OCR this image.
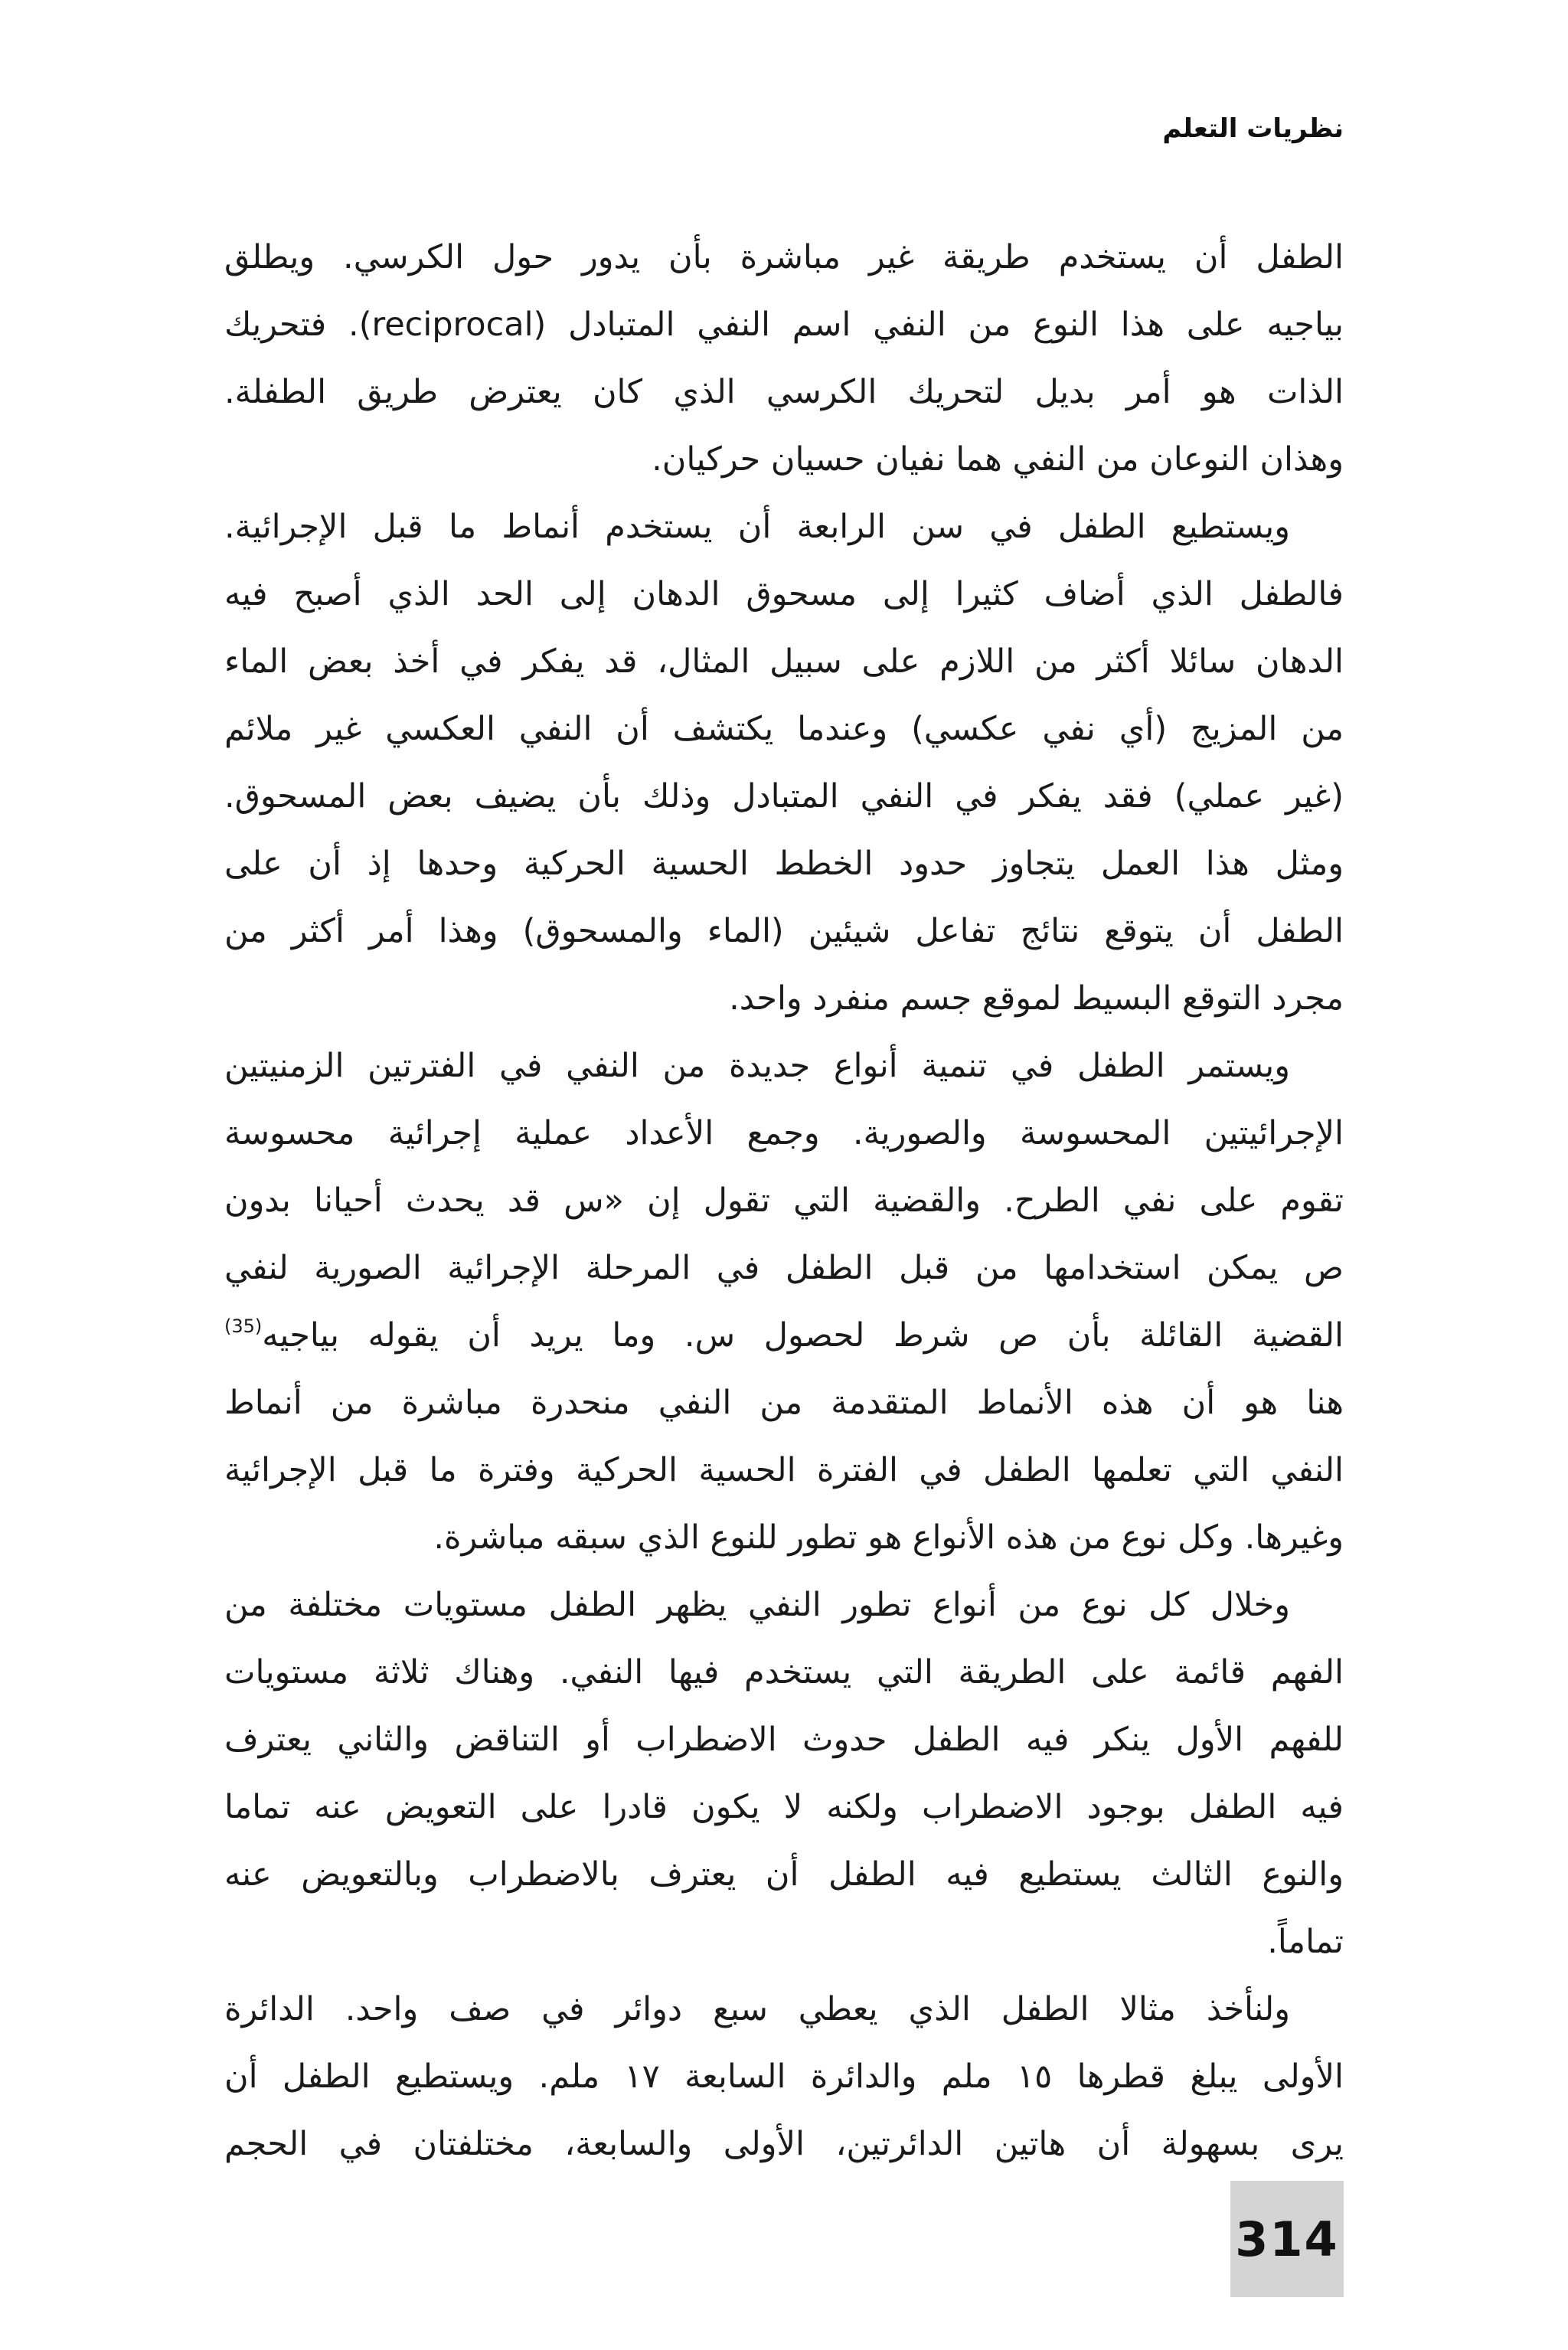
نظريات التعلم
الطفل أن يستخدم طريقة غير مباشرة بأن يدور حول الكرسي. ويطلق
بياجيه على هذا النوع من النفي اسم النفي المتبادل (reciprocal). فتحريك
الذات هو أمر بديل لتحريك الكرسي الذي كان يعترض طريق الطفلة.
وهذان النوعان من النفي هما نفيان حسيان حركيان.
ويستطيع الطفل في سن الرابعة أن يستخدم أنماط ما قبل الإجرائية.
فالطفل الذي أضاف كثيرا إلى مسحوق الدهان إلى الحد الذي أصبح فيه
الدهان سائلا أكثر من اللازم على سبيل المثال، قد يفكر في أخذ بعض الماء
من المزيج (أي نفي عكسي) وعندما يكتشف أن النفي العكسي غير ملائم
(غير عملي) فقد يفكر في النفي المتبادل وذلك بأن يضيف بعض المسحوق.
ومثل هذا العمل يتجاوز حدود الخطط الحسية الحركية وحدها إذ أن على
الطفل أن يتوقع نتائج تفاعل شيئين (الماء والمسحوق) وهذا أمر أكثر من
مجرد التوقع البسيط لموقع جسم منفرد واحد.
ويستمر الطفل في تنمية أنواع جديدة من النفي في الفترتين الزمنيتين
الإجرائيتين المحسوسة والصورية. وجمع الأعداد عملية إجرائية محسوسة
تقوم على نفي الطرح. والقضية التي تقول إن «س قد يحدث أحيانا بدون
ص يمكن استخدامها من قبل الطفل في المرحلة الإجرائية الصورية لنفي
القضية القائلة بأن ص شرط لحصول س. وما يريد أن يقوله بياجيه$^{(35)}$
هنا هو أن هذه الأنماط المتقدمة من النفي منحدرة مباشرة من أنماط
النفي التي تعلمها الطفل في الفترة الحسية الحركية وفترة ما قبل الإجرائية
وغيرها. وكل نوع من هذه الأنواع هو تطور للنوع الذي سبقه مباشرة.
وخلال كل نوع من أنواع تطور النفي يظهر الطفل مستويات مختلفة من
الفهم قائمة على الطريقة التي يستخدم فيها النفي. وهناك ثلاثة مستويات
للفهم الأول ينكر فيه الطفل حدوث الاضطراب أو التناقض والثاني يعترف
فيه الطفل بوجود الاضطراب ولكنه لا يكون قادرا على التعويض عنه تماما
والنوع الثالث يستطيع فيه الطفل أن يعترف بالاضطراب وبالتعويض عنه
تماماً.
ولنأخذ مثالا الطفل الذي يعطي سبع دوائر في صف واحد. الدائرة
الأولى يبلغ قطرها ١٥ ملم والدائرة السابعة ١٧ ملم. ويستطيع الطفل أن
يرى بسهولة أن هاتين الدائرتين، الأولى والسابعة، مختلفتان في الحجم
314
